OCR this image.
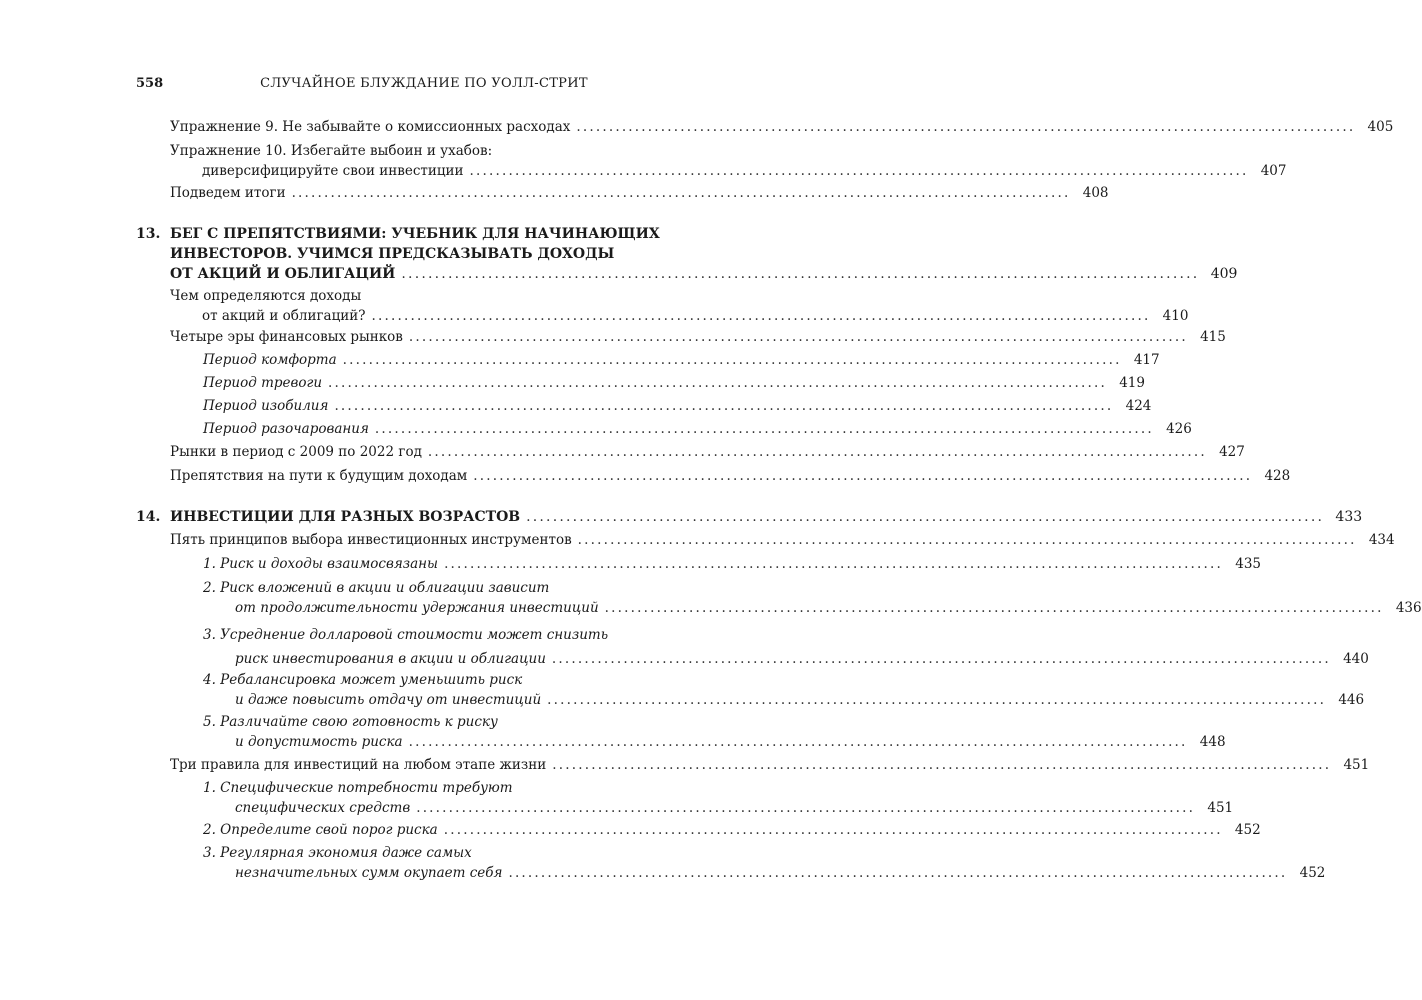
558	СЛУЧАЙНОЕ БЛУЖДАНИЕ ПО УОЛЛ-СТРИТ
Упражнение 9. Не забывайте о комиссионных расходах ........................................................................................................................ 405
Упражнение 10. Избегайте выбоин и ухабов:
диверсифицируйте свои инвестиции ........................................................................................................................ 407
Подведем итоги ........................................................................................................................ 408
13. БЕГ С ПРЕПЯТСТВИЯМИ: УЧЕБНИК ДЛЯ НАЧИНАЮЩИХ
ИНВЕСТОРОВ. УЧИМСЯ ПРЕДСКАЗЫВАТЬ ДОХОДЫ
ОТ АКЦИЙ И ОБЛИГАЦИЙ ........................................................................................................................ 409
Чем определяются доходы
от акций и облигаций? ........................................................................................................................ 410
Четыре эры финансовых рынков ........................................................................................................................ 415
Период комфорта ........................................................................................................................ 417
Период тревоги ........................................................................................................................ 419
Период изобилия ........................................................................................................................ 424
Период разочарования ........................................................................................................................ 426
Рынки в период с 2009 по 2022 год ........................................................................................................................ 427
Препятствия на пути к будущим доходам ........................................................................................................................ 428
14. ИНВЕСТИЦИИ ДЛЯ РАЗНЫХ ВОЗРАСТОВ ........................................................................................................................ 433
Пять принципов выбора инвестиционных инструментов ........................................................................................................................ 434
1. Риск и доходы взаимосвязаны ........................................................................................................................ 435
2. Риск вложений в акции и облигации зависит
от продолжительности удержания инвестиций ........................................................................................................................ 436
3. Усреднение долларовой стоимости может снизить
риск инвестирования в акции и облигации ........................................................................................................................ 440
4. Ребалансировка может уменьшить риск
и даже повысить отдачу от инвестиций ........................................................................................................................ 446
5. Различайте свою готовность к риску
и допустимость риска ........................................................................................................................ 448
Три правила для инвестиций на любом этапе жизни ........................................................................................................................ 451
1. Специфические потребности требуют
специфических средств ........................................................................................................................ 451
2. Определите свой порог риска ........................................................................................................................ 452
3. Регулярная экономия даже самых
незначительных сумм окупает себя ........................................................................................................................ 452
